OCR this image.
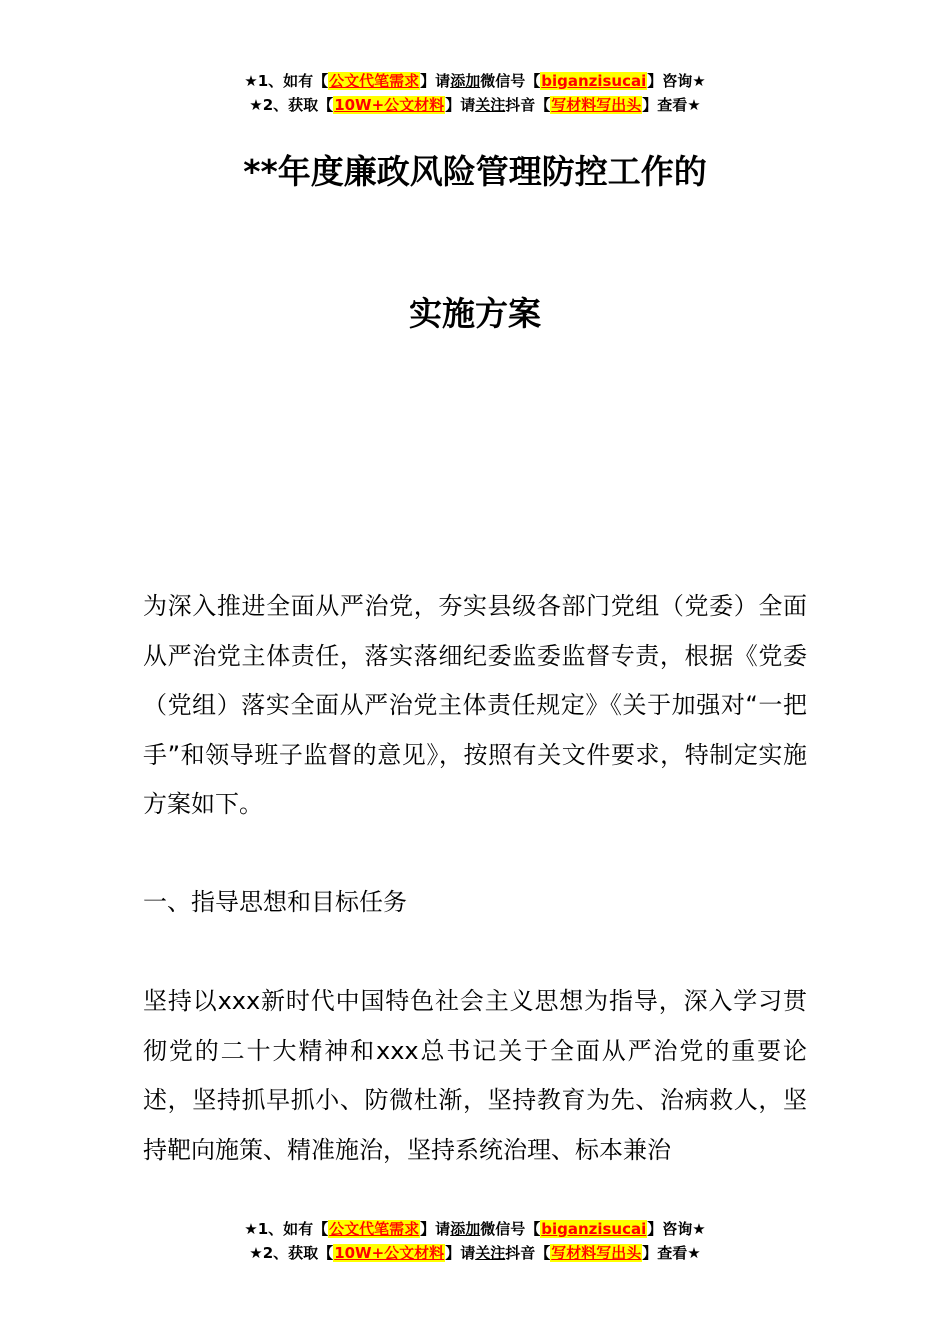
★1、如有【公文代笔需求】请添加微信号【biganzisucai】咨询★
★2、获取【10W+公文材料】请关注抖音【写材料写出头】查看★
**年度廉政风险管理防控工作的
实施方案

为深入推进全面从严治党，夯实县级各部门党组（党委）全面从严治党主体责任，落实落细纪委监委监督专责，根据《党委（党组）落实全面从严治党主体责任规定》《关于加强对“一把手”和领导班子监督的意见》，按照有关文件要求，特制定实施方案如下。

一、指导思想和目标任务

坚持以xxx新时代中国特色社会主义思想为指导，深入学习贯彻党的二十大精神和xxx总书记关于全面从严治党的重要论述，坚持抓早抓小、防微杜渐，坚持教育为先、治病救人，坚持靶向施策、精准施治，坚持系统治理、标本兼治

★1、如有【公文代笔需求】请添加微信号【biganzisucai】咨询★
★2、获取【10W+公文材料】请关注抖音【写材料写出头】查看★
